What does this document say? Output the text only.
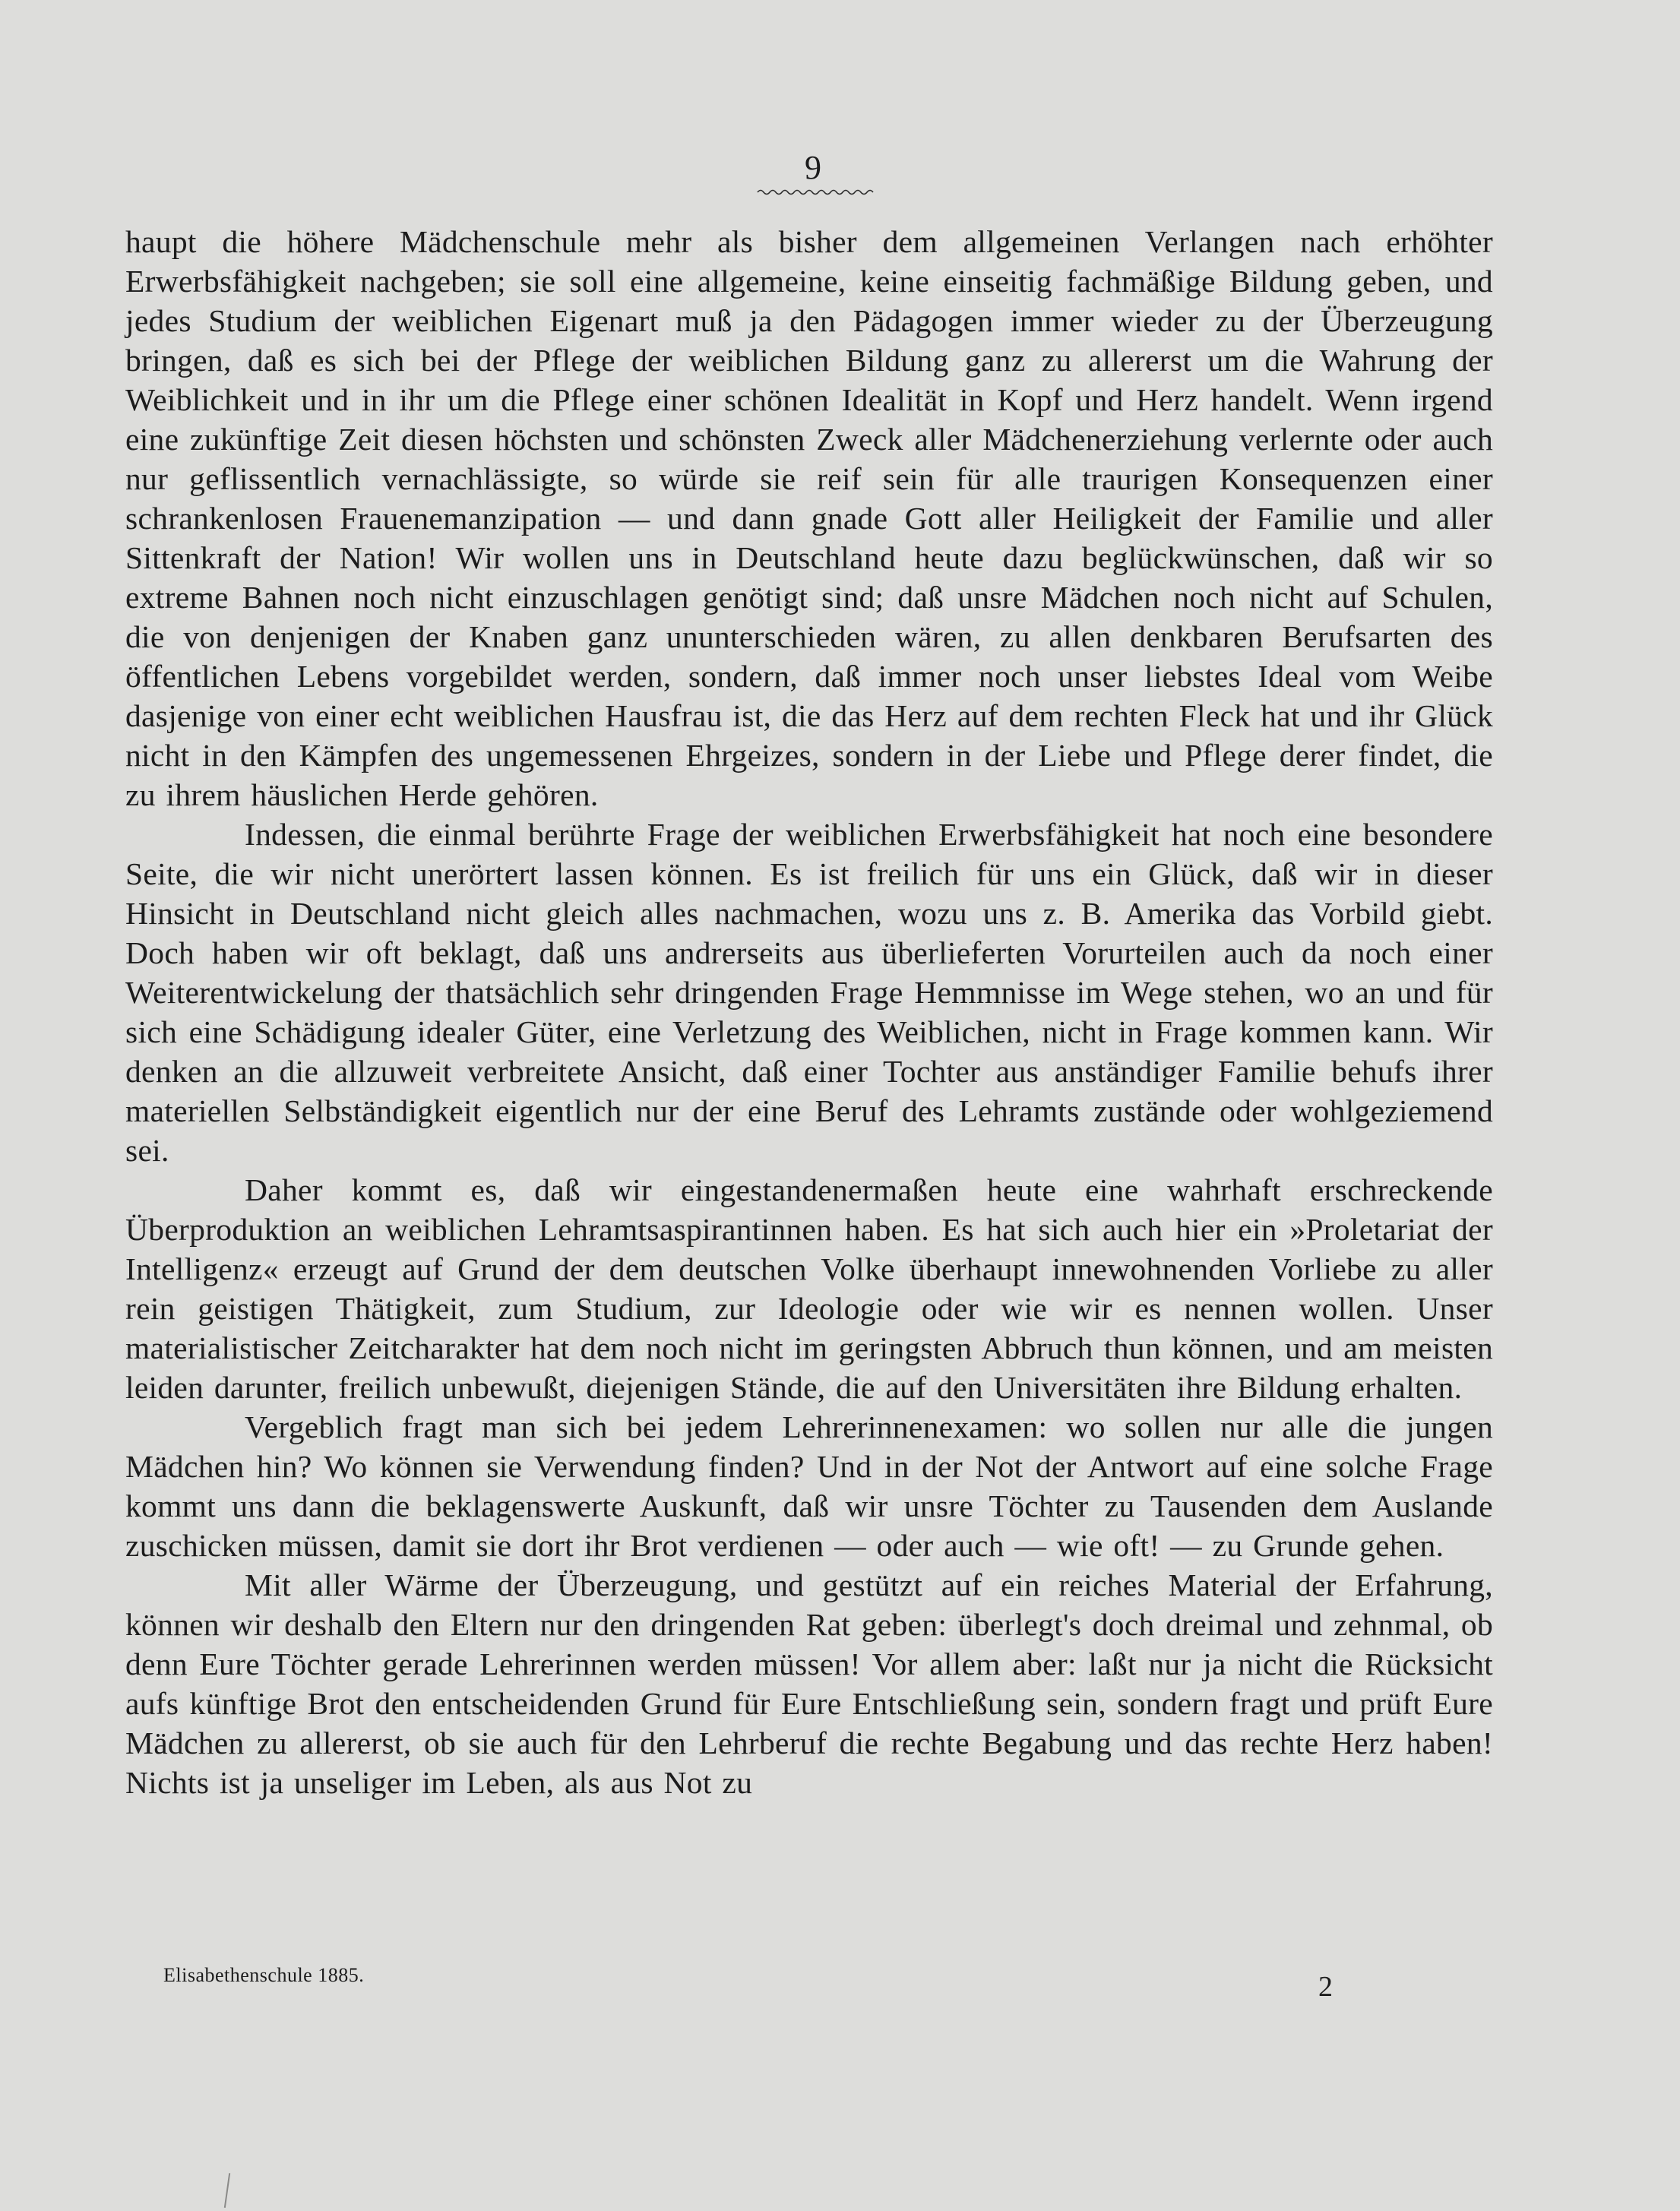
9

haupt die höhere Mädchenschule mehr als bisher dem allgemeinen Verlangen nach erhöhter Erwerbsfähigkeit nachgeben; sie soll eine allgemeine, keine einseitig fachmäßige Bildung geben, und jedes Studium der weiblichen Eigenart muß ja den Pädagogen immer wieder zu der Überzeugung bringen, daß es sich bei der Pflege der weiblichen Bildung ganz zu allererst um die Wahrung der Weiblichkeit und in ihr um die Pflege einer schönen Idealität in Kopf und Herz handelt. Wenn irgend eine zukünftige Zeit diesen höchsten und schönsten Zweck aller Mädchenerziehung verlernte oder auch nur geflissentlich vernachlässigte, so würde sie reif sein für alle traurigen Konsequenzen einer schrankenlosen Frauenemanzipation — und dann gnade Gott aller Heiligkeit der Familie und aller Sittenkraft der Nation! Wir wollen uns in Deutschland heute dazu beglückwünschen, daß wir so extreme Bahnen noch nicht einzuschlagen genötigt sind; daß unsre Mädchen noch nicht auf Schulen, die von denjenigen der Knaben ganz ununterschieden wären, zu allen denkbaren Berufsarten des öffentlichen Lebens vorgebildet werden, sondern, daß immer noch unser liebstes Ideal vom Weibe dasjenige von einer echt weiblichen Hausfrau ist, die das Herz auf dem rechten Fleck hat und ihr Glück nicht in den Kämpfen des ungemessenen Ehrgeizes, sondern in der Liebe und Pflege derer findet, die zu ihrem häuslichen Herde gehören.

Indessen, die einmal berührte Frage der weiblichen Erwerbsfähigkeit hat noch eine besondere Seite, die wir nicht unerörtert lassen können. Es ist freilich für uns ein Glück, daß wir in dieser Hinsicht in Deutschland nicht gleich alles nachmachen, wozu uns z. B. Amerika das Vorbild giebt. Doch haben wir oft beklagt, daß uns andrerseits aus überlieferten Vorurteilen auch da noch einer Weiterentwickelung der thatsächlich sehr dringenden Frage Hemmnisse im Wege stehen, wo an und für sich eine Schädigung idealer Güter, eine Verletzung des Weiblichen, nicht in Frage kommen kann. Wir denken an die allzuweit verbreitete Ansicht, daß einer Tochter aus anständiger Familie behufs ihrer materiellen Selbständigkeit eigentlich nur der eine Beruf des Lehramts zustände oder wohlgeziemend sei.

Daher kommt es, daß wir eingestandenermaßen heute eine wahrhaft erschreckende Überproduktion an weiblichen Lehramtsaspirantinnen haben. Es hat sich auch hier ein »Proletariat der Intelligenz« erzeugt auf Grund der dem deutschen Volke überhaupt innewohnenden Vorliebe zu aller rein geistigen Thätigkeit, zum Studium, zur Ideologie oder wie wir es nennen wollen. Unser materialistischer Zeitcharakter hat dem noch nicht im geringsten Abbruch thun können, und am meisten leiden darunter, freilich unbewußt, diejenigen Stände, die auf den Universitäten ihre Bildung erhalten.

Vergeblich fragt man sich bei jedem Lehrerinnenexamen: wo sollen nur alle die jungen Mädchen hin? Wo können sie Verwendung finden? Und in der Not der Antwort auf eine solche Frage kommt uns dann die beklagenswerte Auskunft, daß wir unsre Töchter zu Tausenden dem Auslande zuschicken müssen, damit sie dort ihr Brot verdienen — oder auch — wie oft! — zu Grunde gehen.

Mit aller Wärme der Überzeugung, und gestützt auf ein reiches Material der Erfahrung, können wir deshalb den Eltern nur den dringenden Rat geben: überlegt's doch dreimal und zehnmal, ob denn Eure Töchter gerade Lehrerinnen werden müssen! Vor allem aber: laßt nur ja nicht die Rücksicht aufs künftige Brot den entscheidenden Grund für Eure Entschließung sein, sondern fragt und prüft Eure Mädchen zu allererst, ob sie auch für den Lehrberuf die rechte Begabung und das rechte Herz haben! Nichts ist ja unseliger im Leben, als aus Not zu

Elisabethenschule 1885.	2
